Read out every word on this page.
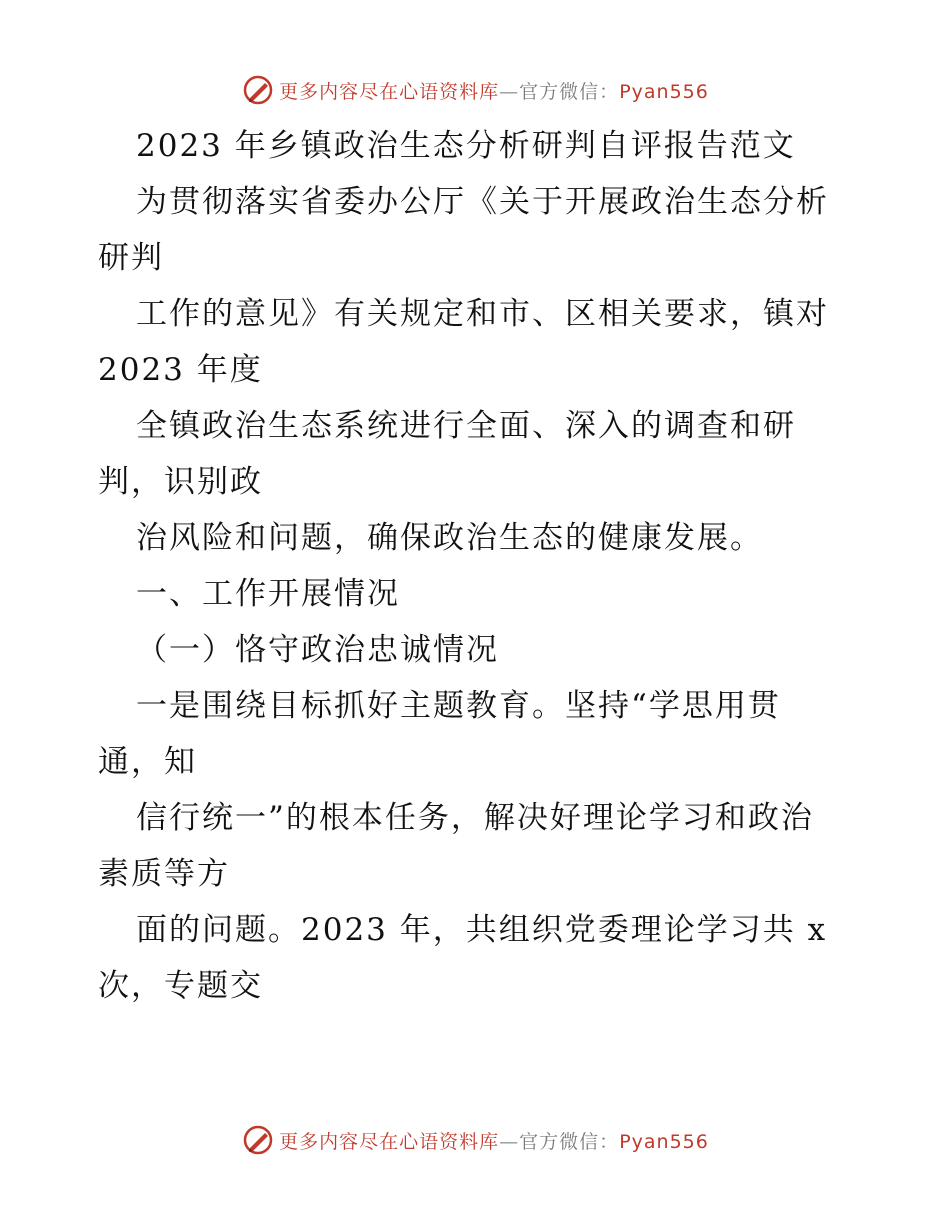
更多内容尽在心语资料库—官方微信：Pyan556
2023 年乡镇政治生态分析研判自评报告范文
为贯彻落实省委办公厅《关于开展政治生态分析
研判
工作的意见》有关规定和市、区相关要求，镇对
2023 年度
全镇政治生态系统进行全面、深入的调查和研
判，识别政
治风险和问题，确保政治生态的健康发展。
一、工作开展情况
（一）恪守政治忠诚情况
一是围绕目标抓好主题教育。坚持“学思用贯
通，知
信行统一”的根本任务，解决好理论学习和政治
素质等方
面的问题。2023 年，共组织党委理论学习共 x
次，专题交
更多内容尽在心语资料库—官方微信：Pyan556
